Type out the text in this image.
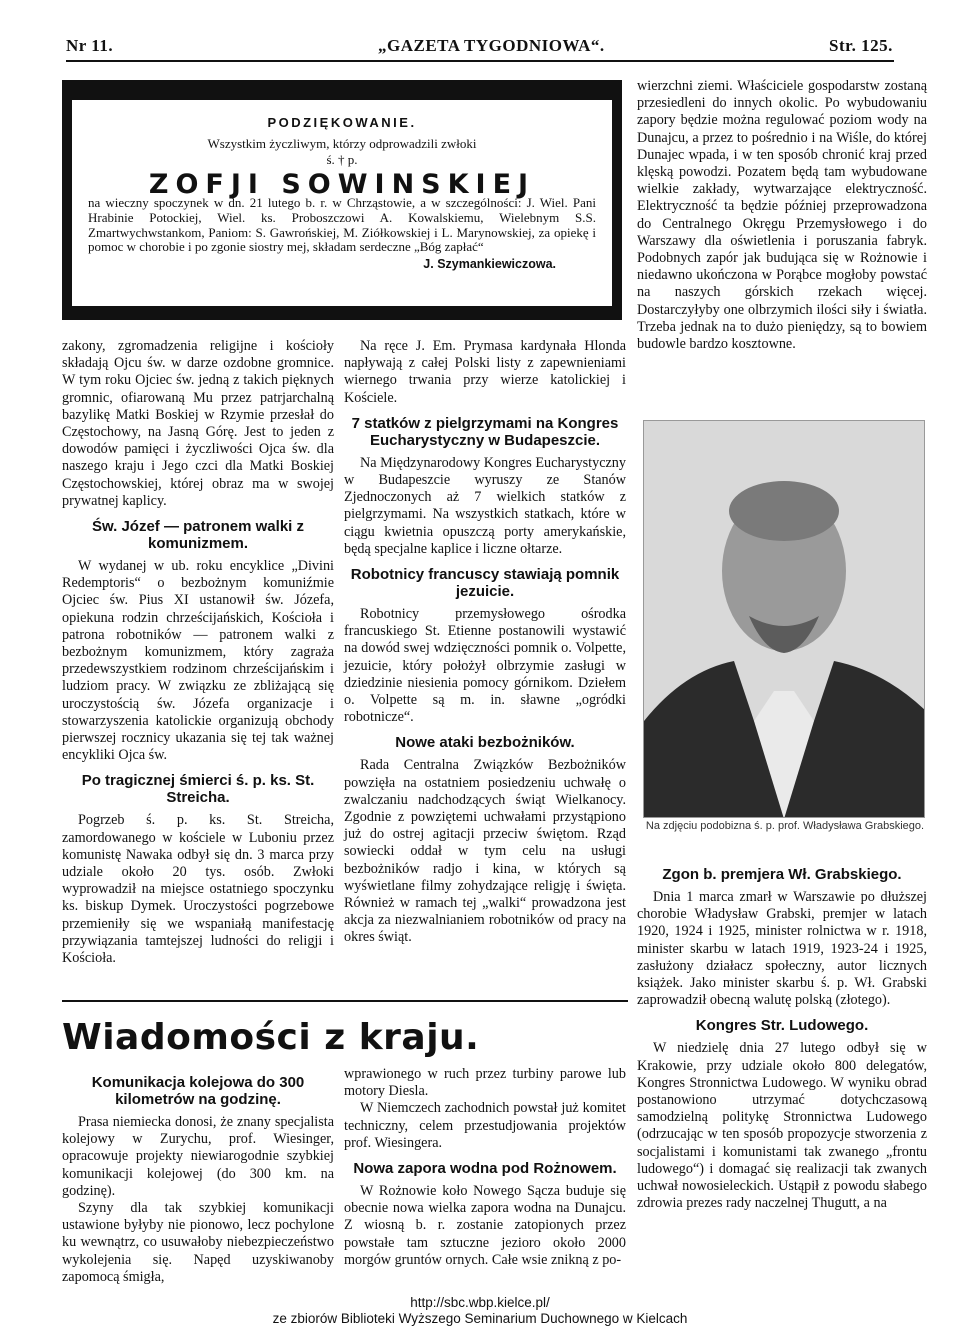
Nr 11.	„GAZETA TYGODNIOWA“.	Str. 125.
PODZIĘKOWANIE.
Wszystkim życzliwym, którzy odprowadzili zwłoki
ś. † p.
ZOFJI SOWINSKIEJ
na wieczny spoczynek w dn. 21 lutego b. r. w Chrząstowie, a w szczególności: J. Wiel. Pani Hrabinie Potockiej, Wiel. ks. Proboszczowi A. Kowalskiemu, Wielebnym S.S. Zmartwychwstankom, Paniom: S. Gawrońskiej, M. Ziółkowskiej i L. Marynowskiej, za opiekę i pomoc w chorobie i po zgonie siostry mej, składam serdeczne „Bóg zapłać“
J. Szymankiewiczowa.

zakony, zgromadzenia religijne i kościoły składają Ojcu św. w darze ozdobne gromnice. W tym roku Ojciec św. jedną z takich pięknych gromnic, ofiarowaną Mu przez patrjarchalną bazylikę Matki Boskiej w Rzymie przesłał do Częstochowy, na Jasną Górę. Jest to jeden z dowodów pamięci i życzliwości Ojca św. dla naszego kraju i Jego czci dla Matki Boskiej Częstochowskiej, której obraz ma w swojej prywatnej kaplicy.

Św. Józef — patronem walki z komunizmem.

W wydanej w ub. roku encyklice „Divini Redemptoris“ o bezbożnym komuniźmie Ojciec św. Pius XI ustanowił św. Józefa, opiekuna rodzin chrześcijańskich, Kościoła i patrona robotników — patronem walki z bezbożnym komunizmem, który zagraża przedewszystkiem rodzinom chrześcijańskim i ludziom pracy. W związku ze zbliżającą się uroczystością św. Józefa organizacje i stowarzyszenia katolickie organizują obchody pierwszej rocznicy ukazania się tej tak ważnej encykliki Ojca św.

Po tragicznej śmierci ś. p. ks. St. Streicha.

Pogrzeb ś. p. ks. St. Streicha, zamordowanego w kościele w Luboniu przez komunistę Nawaka odbył się dn. 3 marca przy udziale około 20 tys. osób. Zwłoki wyprowadził na miejsce ostatniego spoczynku ks. biskup Dymek. Uroczystości pogrzebowe przemieniły się we wspaniałą manifestację przywiązania tamtejszej ludności do religji i Kościoła.

Na ręce J. Em. Prymasa kardynała Hlonda napływają z całej Polski listy z zapewnieniami wiernego trwania przy wierze katolickiej i Kościele.

7 statków z pielgrzymami na Kongres Eucharystyczny w Budapeszcie.

Na Międzynarodowy Kongres Eucharystyczny w Budapeszcie wyruszy ze Stanów Zjednoczonych aż 7 wielkich statków z pielgrzymami. Na wszystkich statkach, które w ciągu kwietnia opuszczą porty amerykańskie, będą specjalne kaplice i liczne ołtarze.

Robotnicy francuscy stawiają pomnik jezuicie.

Robotnicy przemysłowego ośrodka francuskiego St. Etienne postanowili wystawić na dowód swej wdzięczności pomnik o. Volpette, jezuicie, który położył olbrzymie zasługi w dziedzinie niesienia pomocy górnikom. Dziełem o. Volpette są m. in. sławne „ogródki robotnicze“.

Nowe ataki bezbożników.

Rada Centralna Związków Bezbożników powzięła na ostatniem posiedzeniu uchwałę o zwalczaniu nadchodzących świąt Wielkanocy. Zgodnie z powziętemi uchwałami przystąpiono już do ostrej agitacji przeciw świętom. Rząd sowiecki oddał w tym celu na usługi bezbożników radjo i kina, w których są wyświetlane filmy zohydzające religję i święta. Również w ramach tej „walki“ prowadzona jest akcja za niezwalnianiem robotników od pracy na okres świąt.

wierzchni ziemi. Właściciele gospodarstw zostaną przesiedleni do innych okolic. Po wybudowaniu zapory będzie można regulować poziom wody na Dunajcu, a przez to pośrednio i na Wiśle, do której Dunajec wpada, i w ten sposób chronić kraj przed klęską powodzi. Pozatem będą tam wybudowane wielkie zakłady, wytwarzające elektryczność. Elektryczność ta będzie później przeprowadzona do Centralnego Okręgu Przemysłowego i do Warszawy dla oświetlenia i poruszania fabryk. Podobnych zapór jak budująca się w Rożnowie i niedawno ukończona w Porąbce mogłoby powstać na naszych górskich rzekach więcej. Dostarczyłyby one olbrzymich ilości siły i światła. Trzeba jednak na to dużo pieniędzy, są to bowiem budowle bardzo kosztowne.

Na zdjęciu podobizna ś. p. prof. Władysława Grabskiego.
Zgon b. premjera Wł. Grabskiego.

Dnia 1 marca zmarł w Warszawie po dłuższej chorobie Władysław Grabski, premjer w latach 1920, 1924 i 1925, minister rolnictwa w r. 1918, minister skarbu w latach 1919, 1923-24 i 1925, zasłużony działacz społeczny, autor licznych książek. Jako minister skarbu ś. p. Wł. Grabski zaprowadził obecną walutę polską (złotego).

Kongres Str. Ludowego.

W niedzielę dnia 27 lutego odbył się w Krakowie, przy udziale około 800 delegatów, Kongres Stronnictwa Ludowego. W wyniku obrad postanowiono utrzymać dotychczasową samodzielną politykę Stronnictwa Ludowego (odrzucając w ten sposób propozycje stworzenia z socjalistami i komunistami tak zwanego „frontu ludowego“) i domagać się realizacji tak zwanych uchwał nowosieleckich. Ustąpił z powodu słabego zdrowia prezes rady naczelnej Thugutt, a na

Wiadomości z kraju.
Komunikacja kolejowa do 300 kilometrów na godzinę.

Prasa niemiecka donosi, że znany specjalista kolejowy w Zurychu, prof. Wiesinger, opracowuje projekty niewiarogodnie szybkiej komunikacji kolejowej (do 300 km. na godzinę).

Szyny dla tak szybkiej komunikacji ustawione byłyby nie pionowo, lecz pochylone ku wewnątrz, co usuwałoby niebezpieczeństwo wykolejenia się. Napęd uzyskiwanoby zapomocą śmigła,

wprawionego w ruch przez turbiny parowe lub motory Diesla.

W Niemczech zachodnich powstał już komitet techniczny, celem przestudjowania projektów prof. Wiesingera.

Nowa zapora wodna pod Rożnowem.

W Rożnowie koło Nowego Sącza buduje się obecnie nowa wielka zapora wodna na Dunajcu. Z wiosną b. r. zostanie zatopionych przez powstałe tam sztuczne jezioro około 2000 morgów gruntów ornych. Całe wsie znikną z po-

http://sbc.wbp.kielce.pl/
ze zbiorów Biblioteki Wyższego Seminarium Duchownego w Kielcach
